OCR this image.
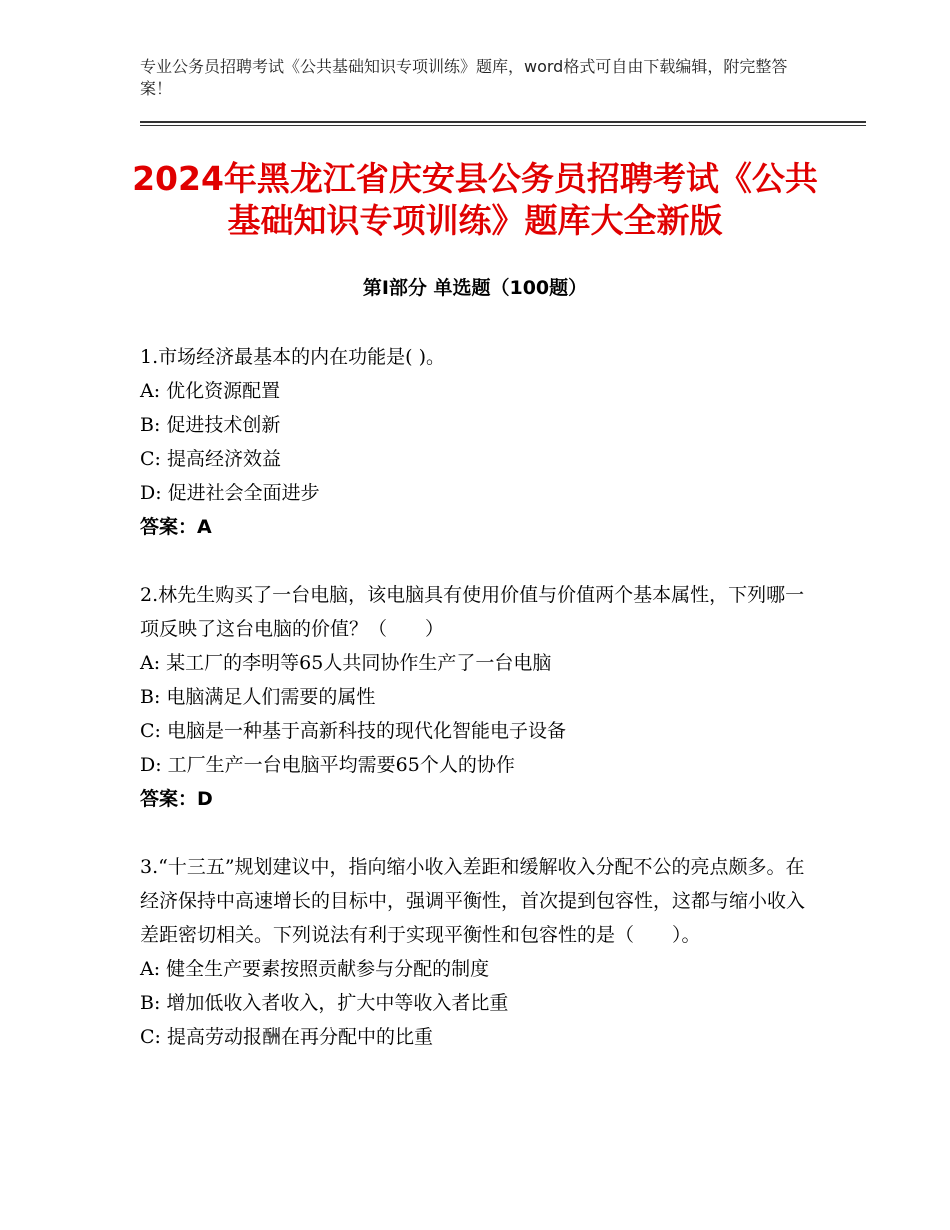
专业公务员招聘考试《公共基础知识专项训练》题库，word格式可自由下载编辑，附完整答案！
2024年黑龙江省庆安县公务员招聘考试《公共基础知识专项训练》题库大全新版
第I部分 单选题（100题）

1.市场经济最基本的内在功能是( )。

A: 优化资源配置

B: 促进技术创新

C: 提高经济效益

D: 促进社会全面进步

答案：A

2.林先生购买了一台电脑，该电脑具有使用价值与价值两个基本属性，下列哪一项反映了这台电脑的价值？（　　）

A: 某工厂的李明等65人共同协作生产了一台电脑

B: 电脑满足人们需要的属性

C: 电脑是一种基于高新科技的现代化智能电子设备

D: 工厂生产一台电脑平均需要65个人的协作

答案：D

3.“十三五”规划建议中，指向缩小收入差距和缓解收入分配不公的亮点颇多。在经济保持中高速增长的目标中，强调平衡性，首次提到包容性，这都与缩小收入差距密切相关。下列说法有利于实现平衡性和包容性的是（　　）。

A: 健全生产要素按照贡献参与分配的制度

B: 增加低收入者收入，扩大中等收入者比重

C: 提高劳动报酬在再分配中的比重
